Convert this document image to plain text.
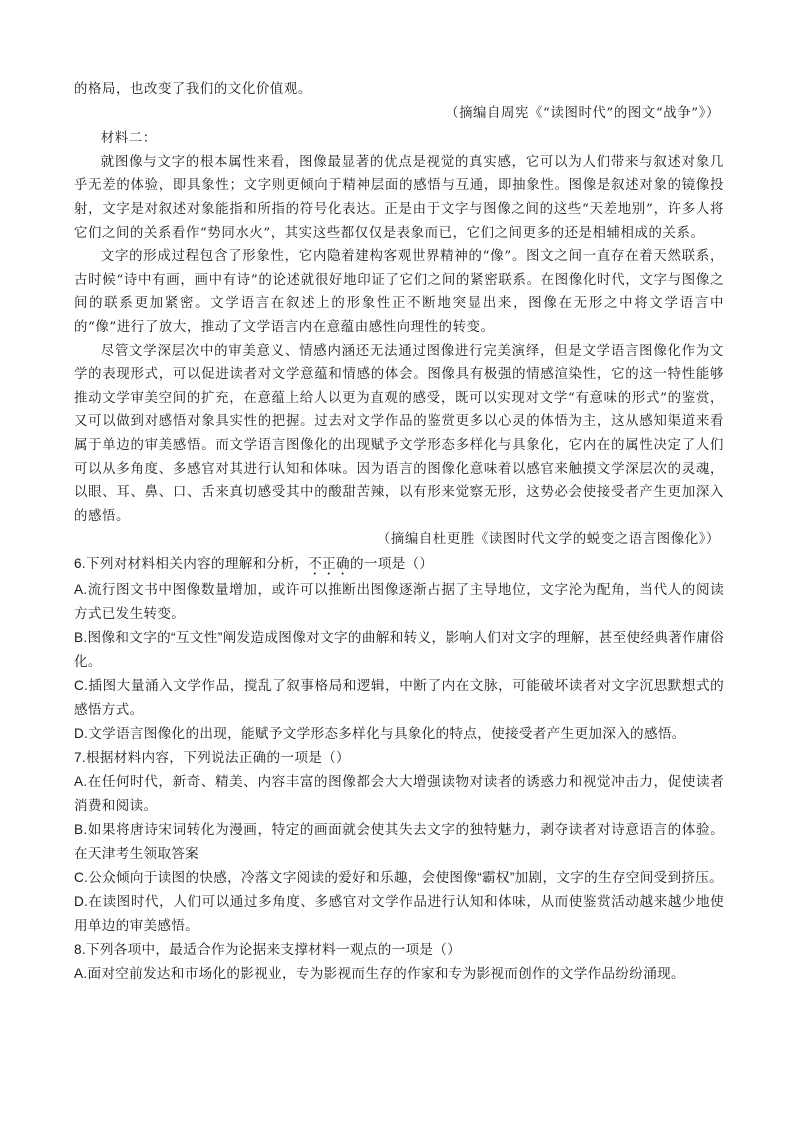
的格局，也改变了我们的文化价值观。

（摘编自周宪《“读图时代”的图文“战争”》）

材料二：

就图像与文字的根本属性来看，图像最显著的优点是视觉的真实感，它可以为人们带来与叙述对象几乎无差的体验，即具象性；文字则更倾向于精神层面的感悟与互通，即抽象性。图像是叙述对象的镜像投射，文字是对叙述对象能指和所指的符号化表达。正是由于文字与图像之间的这些“天差地别”，许多人将它们之间的关系看作“势同水火”，其实这些都仅仅是表象而已，它们之间更多的还是相辅相成的关系。

文字的形成过程包含了形象性，它内隐着建构客观世界精神的“像”。图文之间一直存在着天然联系，古时候“诗中有画，画中有诗”的论述就很好地印证了它们之间的紧密联系。在图像化时代，文字与图像之间的联系更加紧密。文学语言在叙述上的形象性正不断地突显出来，图像在无形之中将文学语言中的“像”进行了放大，推动了文学语言内在意蕴由感性向理性的转变。

尽管文学深层次中的审美意义、情感内涵还无法通过图像进行完美演绎，但是文学语言图像化作为文学的表现形式，可以促进读者对文学意蕴和情感的体会。图像具有极强的情感渲染性，它的这一特性能够推动文学审美空间的扩充，在意蕴上给人以更为直观的感受，既可以实现对文学“有意味的形式”的鉴赏，又可以做到对感悟对象具实性的把握。过去对文学作品的鉴赏更多以心灵的体悟为主，这从感知渠道来看属于单边的审美感悟。而文学语言图像化的出现赋予文学形态多样化与具象化，它内在的属性决定了人们可以从多角度、多感官对其进行认知和体味。因为语言的图像化意味着以感官来触摸文学深层次的灵魂，以眼、耳、鼻、口、舌来真切感受其中的酸甜苦辣，以有形来觉察无形，这势必会使接受者产生更加深入的感悟。

（摘编自杜更胜《读图时代文学的蜕变之语言图像化》）

6.下列对材料相关内容的理解和分析，不正确的一项是（）

A.流行图文书中图像数量增加，或许可以推断出图像逐渐占据了主导地位，文字沦为配角，当代人的阅读方式已发生转变。

B.图像和文字的“互文性”阐发造成图像对文字的曲解和转义，影响人们对文字的理解，甚至使经典著作庸俗化。

C.插图大量涌入文学作品，搅乱了叙事格局和逻辑，中断了内在文脉，可能破坏读者对文字沉思默想式的感悟方式。

D.文学语言图像化的出现，能赋予文学形态多样化与具象化的特点，使接受者产生更加深入的感悟。

7.根据材料内容，下列说法正确的一项是（）

A.在任何时代，新奇、精美、内容丰富的图像都会大大增强读物对读者的诱惑力和视觉冲击力，促使读者消费和阅读。

B.如果将唐诗宋词转化为漫画，特定的画面就会使其失去文字的独特魅力，剥夺读者对诗意语言的体验。在天津考生领取答案

C.公众倾向于读图的快感，冷落文字阅读的爱好和乐趣，会使图像“霸权”加剧，文字的生存空间受到挤压。

D.在读图时代，人们可以通过多角度、多感官对文学作品进行认知和体味，从而使鉴赏活动越来越少地使用单边的审美感悟。

8.下列各项中，最适合作为论据来支撑材料一观点的一项是（）

A.面对空前发达和市场化的影视业，专为影视而生存的作家和专为影视而创作的文学作品纷纷涌现。
